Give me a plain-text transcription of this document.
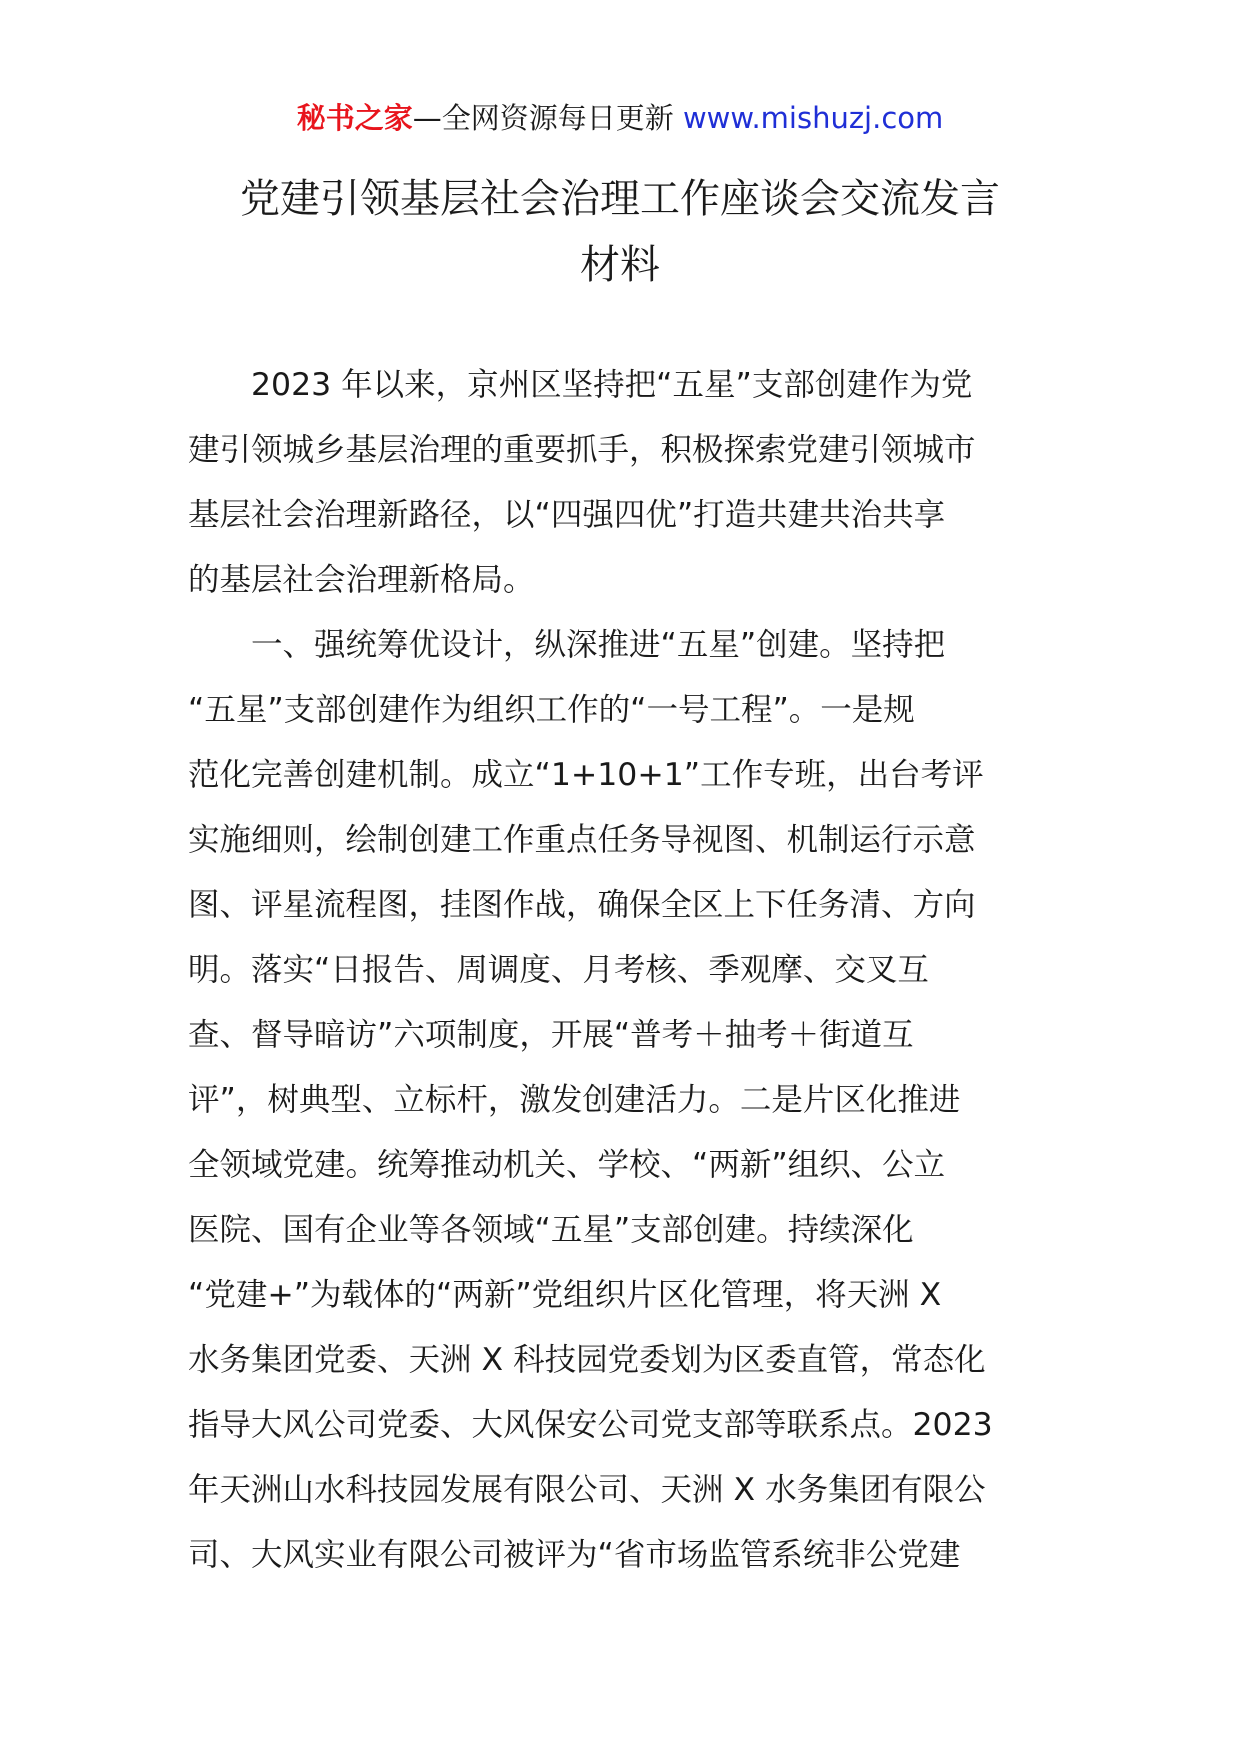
秘书之家—全网资源每日更新 www.mishuzj.com
党建引领基层社会治理工作座谈会交流发言
材料
2023 年以来，京州区坚持把“五星”支部创建作为党
建引领城乡基层治理的重要抓手，积极探索党建引领城市
基层社会治理新路径，以“四强四优”打造共建共治共享
的基层社会治理新格局。
一、强统筹优设计，纵深推进“五星”创建。坚持把
“五星”支部创建作为组织工作的“一号工程”。一是规
范化完善创建机制。成立“1+10+1”工作专班，出台考评
实施细则，绘制创建工作重点任务导视图、机制运行示意
图、评星流程图，挂图作战，确保全区上下任务清、方向
明。落实“日报告、周调度、月考核、季观摩、交叉互
查、督导暗访”六项制度，开展“普考＋抽考＋街道互
评”，树典型、立标杆，激发创建活力。二是片区化推进
全领域党建。统筹推动机关、学校、“两新”组织、公立
医院、国有企业等各领域“五星”支部创建。持续深化
“党建+”为载体的“两新”党组织片区化管理，将天洲 X
水务集团党委、天洲 X 科技园党委划为区委直管，常态化
指导大风公司党委、大风保安公司党支部等联系点。2023
年天洲山水科技园发展有限公司、天洲 X 水务集团有限公
司、大风实业有限公司被评为“省市场监管系统非公党建
